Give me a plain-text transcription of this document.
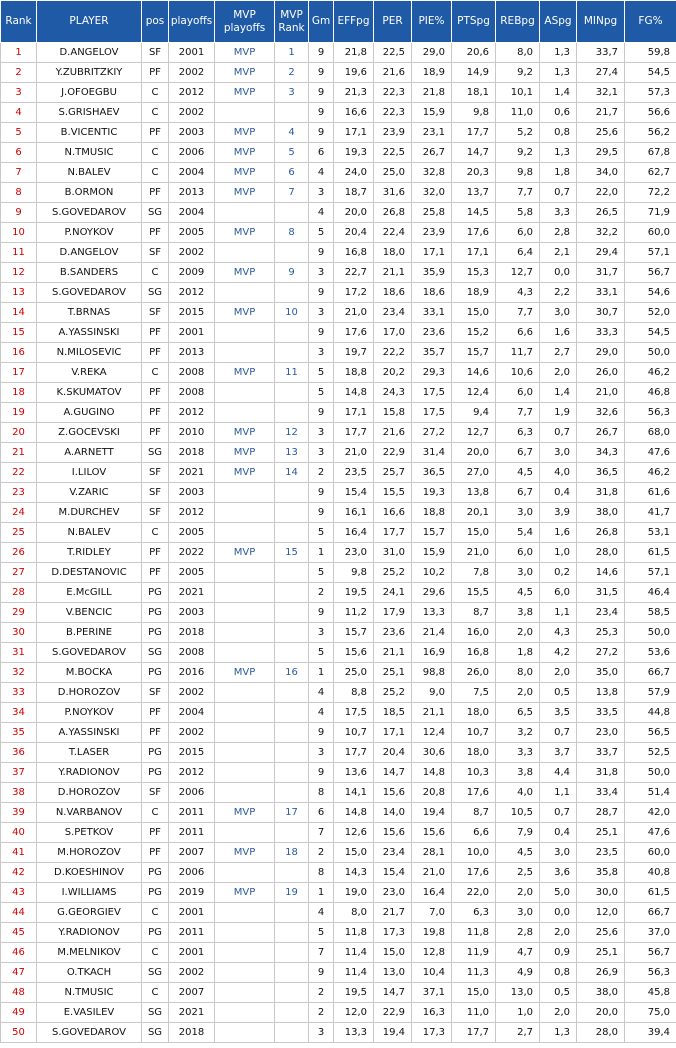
Rank	PLAYER	pos	playoffs	MVP playoffs	MVP Rank	Gm	EFFpg	PER	PIE%	PTSpg	REBpg	ASpg	MINpg	FG%
1	D.ANGELOV	SF	2001	MVP	1	9	21,8	22,5	29,0	20,6	8,0	1,3	33,7	59,8
2	Y.ZUBRITZKIY	PF	2002	MVP	2	9	19,6	21,6	18,9	14,9	9,2	1,3	27,4	54,5
3	J.OFOEGBU	C	2012	MVP	3	9	21,3	22,3	21,8	18,1	10,1	1,4	32,1	57,3
4	S.GRISHAEV	C	2002			9	16,6	22,3	15,9	9,8	11,0	0,6	21,7	56,6
5	B.VICENTIC	PF	2003	MVP	4	9	17,1	23,9	23,1	17,7	5,2	0,8	25,6	56,2
6	N.TMUSIC	C	2006	MVP	5	6	19,3	22,5	26,7	14,7	9,2	1,3	29,5	67,8
7	N.BALEV	C	2004	MVP	6	4	24,0	25,0	32,8	20,3	9,8	1,8	34,0	62,7
8	B.ORMON	PF	2013	MVP	7	3	18,7	31,6	32,0	13,7	7,7	0,7	22,0	72,2
9	S.GOVEDAROV	SG	2004			4	20,0	26,8	25,8	14,5	5,8	3,3	26,5	71,9
10	P.NOYKOV	PF	2005	MVP	8	5	20,4	22,4	23,9	17,6	6,0	2,8	32,2	60,0
11	D.ANGELOV	SF	2002			9	16,8	18,0	17,1	17,1	6,4	2,1	29,4	57,1
12	B.SANDERS	C	2009	MVP	9	3	22,7	21,1	35,9	15,3	12,7	0,0	31,7	56,7
13	S.GOVEDAROV	SG	2012			9	17,2	18,6	18,6	18,9	4,3	2,2	33,1	54,6
14	T.BRNAS	SF	2015	MVP	10	3	21,0	23,4	33,1	15,0	7,7	3,0	30,7	52,0
15	A.YASSINSKI	PF	2001			9	17,6	17,0	23,6	15,2	6,6	1,6	33,3	54,5
16	N.MILOSEVIC	PF	2013			3	19,7	22,2	35,7	15,7	11,7	2,7	29,0	50,0
17	V.REKA	C	2008	MVP	11	5	18,8	20,2	29,3	14,6	10,6	2,0	26,0	46,2
18	K.SKUMATOV	PF	2008			5	14,8	24,3	17,5	12,4	6,0	1,4	21,0	46,8
19	A.GUGINO	PF	2012			9	17,1	15,8	17,5	9,4	7,7	1,9	32,6	56,3
20	Z.GOCEVSKI	PF	2010	MVP	12	3	17,7	21,6	27,2	12,7	6,3	0,7	26,7	68,0
21	A.ARNETT	SG	2018	MVP	13	3	21,0	22,9	31,4	20,0	6,7	3,0	34,3	47,6
22	I.LILOV	SF	2021	MVP	14	2	23,5	25,7	36,5	27,0	4,5	4,0	36,5	46,2
23	V.ZARIC	SF	2003			9	15,4	15,5	19,3	13,8	6,7	0,4	31,8	61,6
24	M.DURCHEV	SF	2012			9	16,1	16,6	18,8	20,1	3,0	3,9	38,0	41,7
25	N.BALEV	C	2005			5	16,4	17,7	15,7	15,0	5,4	1,6	26,8	53,1
26	T.RIDLEY	PF	2022	MVP	15	1	23,0	31,0	15,9	21,0	6,0	1,0	28,0	61,5
27	D.DESTANOVIC	PF	2005			5	9,8	25,2	10,2	7,8	3,0	0,2	14,6	57,1
28	E.McGILL	PG	2021			2	19,5	24,1	29,6	15,5	4,5	6,0	31,5	46,4
29	V.BENCIC	PG	2003			9	11,2	17,9	13,3	8,7	3,8	1,1	23,4	58,5
30	B.PERINE	PG	2018			3	15,7	23,6	21,4	16,0	2,0	4,3	25,3	50,0
31	S.GOVEDAROV	SG	2008			5	15,6	21,1	16,9	16,8	1,8	4,2	27,2	53,6
32	M.BOCKA	PG	2016	MVP	16	1	25,0	25,1	98,8	26,0	8,0	2,0	35,0	66,7
33	D.HOROZOV	SF	2002			4	8,8	25,2	9,0	7,5	2,0	0,5	13,8	57,9
34	P.NOYKOV	PF	2004			4	17,5	18,5	21,1	18,0	6,5	3,5	33,5	44,8
35	A.YASSINSKI	PF	2002			9	10,7	17,1	12,4	10,7	3,2	0,7	23,0	56,5
36	T.LASER	PG	2015			3	17,7	20,4	30,6	18,0	3,3	3,7	33,7	52,5
37	Y.RADIONOV	PG	2012			9	13,6	14,7	14,8	10,3	3,8	4,4	31,8	50,0
38	D.HOROZOV	SF	2006			8	14,1	15,6	20,8	17,6	4,0	1,1	33,4	51,4
39	N.VARBANOV	C	2011	MVP	17	6	14,8	14,0	19,4	8,7	10,5	0,7	28,7	42,0
40	S.PETKOV	PF	2011			7	12,6	15,6	15,6	6,6	7,9	0,4	25,1	47,6
41	M.HOROZOV	PF	2007	MVP	18	2	15,0	23,4	28,1	10,0	4,5	3,0	23,5	60,0
42	D.KOESHINOV	PG	2006			8	14,3	15,4	21,0	17,6	2,5	3,6	35,8	40,8
43	I.WILLIAMS	PG	2019	MVP	19	1	19,0	23,0	16,4	22,0	2,0	5,0	30,0	61,5
44	G.GEORGIEV	C	2001			4	8,0	21,7	7,0	6,3	3,0	0,0	12,0	66,7
45	Y.RADIONOV	PG	2011			5	11,8	17,3	19,8	11,8	2,8	2,0	25,6	37,0
46	M.MELNIKOV	C	2001			7	11,4	15,0	12,8	11,9	4,7	0,9	25,1	56,7
47	O.TKACH	SG	2002			9	11,4	13,0	10,4	11,3	4,9	0,8	26,9	56,3
48	N.TMUSIC	C	2007			2	19,5	14,7	37,1	15,0	13,0	0,5	38,0	45,8
49	E.VASILEV	SG	2021			2	12,0	22,9	16,3	11,0	1,0	2,0	20,0	75,0
50	S.GOVEDAROV	SG	2018			3	13,3	19,4	17,3	17,7	2,7	1,3	28,0	39,4
